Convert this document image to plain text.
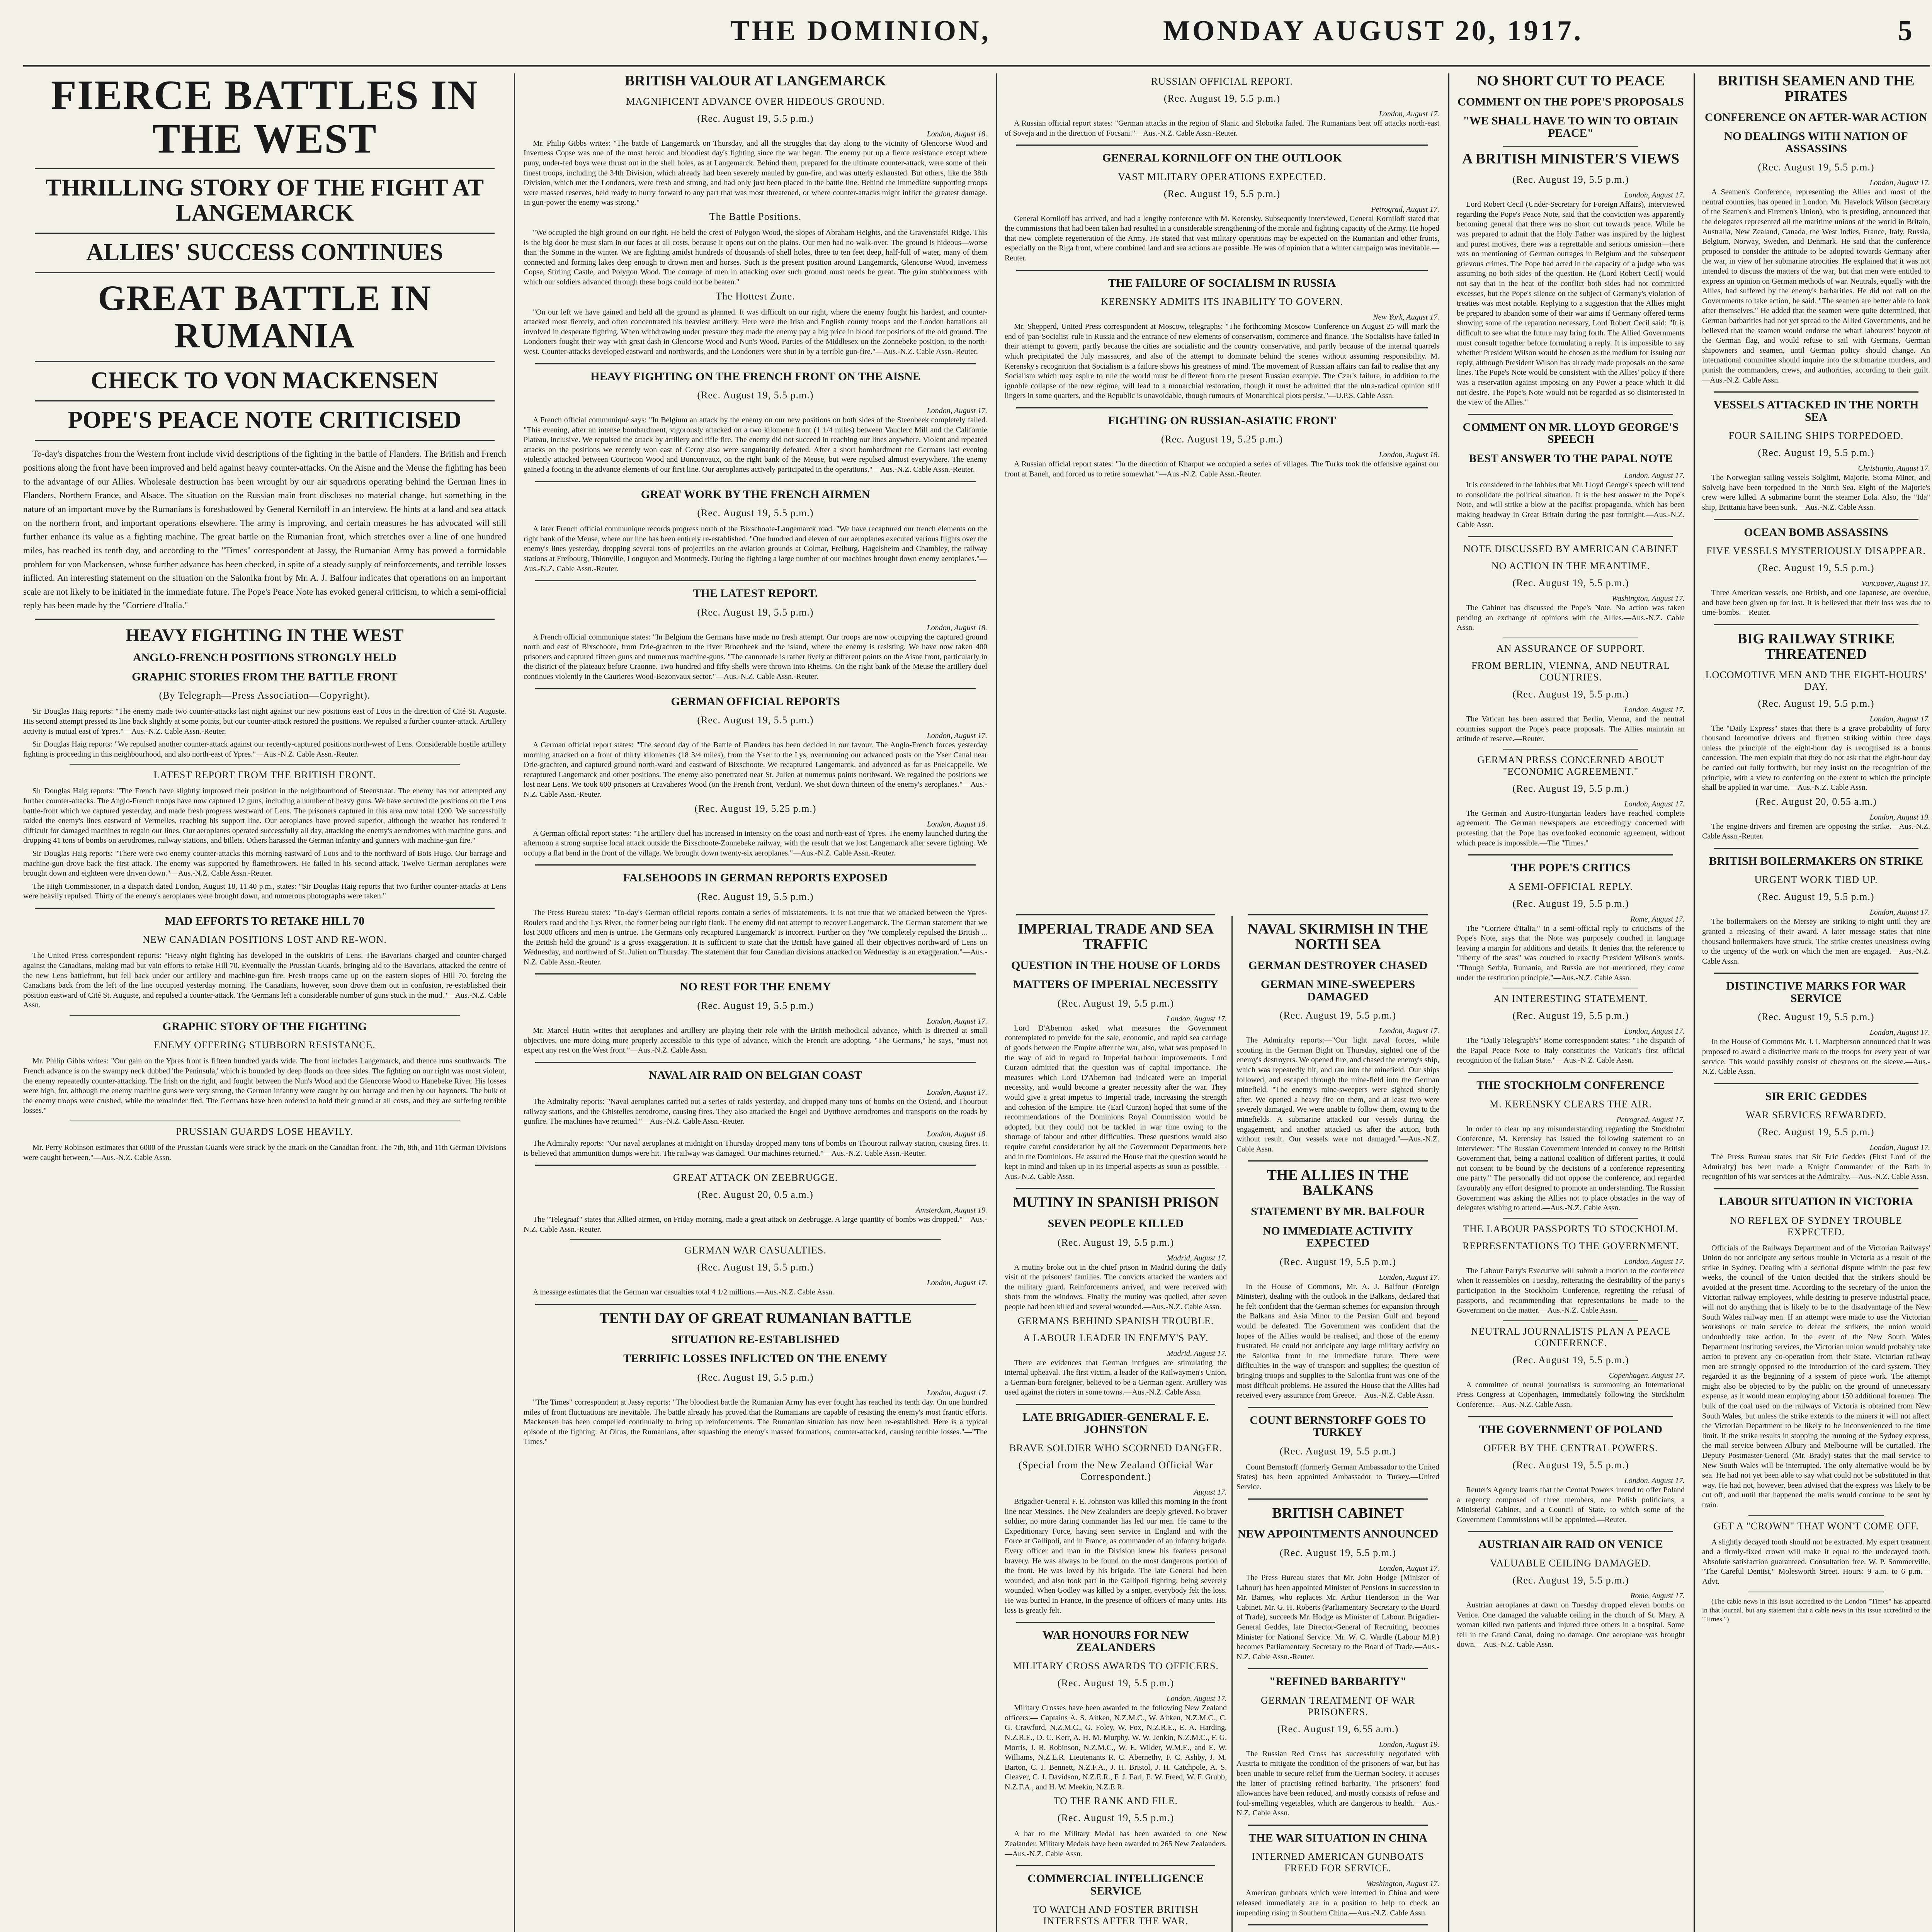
THE DOMINION,	MONDAY AUGUST 20, 1917.	5
FIERCE BATTLES IN THE WEST
THRILLING STORY OF THE FIGHT AT LANGEMARCK
ALLIES' SUCCESS CONTINUES
GREAT BATTLE IN RUMANIA
CHECK TO VON MACKENSEN
POPE'S PEACE NOTE CRITICISED

To-day's dispatches from the Western front include vivid descriptions of the fighting in the battle of Flanders. The British and French positions along the front have been improved and held against heavy counter-attacks. On the Aisne and the Meuse the fighting has been to the advantage of our Allies. Wholesale destruction has been wrought by our air squadrons operating behind the German lines in Flanders, Northern France, and Alsace. The situation on the Russian main front discloses no material change, but something in the nature of an important move by the Rumanians is foreshadowed by General Kerniloff in an interview. He hints at a land and sea attack on the northern front, and important operations elsewhere. The army is improving, and certain measures he has advocated will still further enhance its value as a fighting machine. The great battle on the Rumanian front, which stretches over a line of one hundred miles, has reached its tenth day, and according to the "Times" correspondent at Jassy, the Rumanian Army has proved a formidable problem for von Mackensen, whose further advance has been checked, in spite of a steady supply of reinforcements, and terrible losses inflicted. An interesting statement on the situation on the Salonika front by Mr. A. J. Balfour indicates that operations on an important scale are not likely to be initiated in the immediate future. The Pope's Peace Note has evoked general criticism, to which a semi-official reply has been made by the "Corriere d'Italia."

HEAVY FIGHTING IN THE WEST
ANGLO-FRENCH POSITIONS STRONGLY HELD
GRAPHIC STORIES FROM THE BATTLE FRONT
(By Telegraph—Press Association—Copyright).

Sir Douglas Haig reports: "The enemy made two counter-attacks last night against our new positions east of Loos in the direction of Cité St. Auguste. His second attempt pressed its line back slightly at some points, but our counter-attack restored the positions. We repulsed a further counter-attack. Artillery activity is mutual east of Ypres."—Aus.-N.Z. Cable Assn.-Reuter.

Sir Douglas Haig reports: "We repulsed another counter-attack against our recently-captured positions north-west of Lens. Considerable hostile artillery fighting is proceeding in this neighbourhood, and also north-east of Ypres."—Aus.-N.Z. Cable Assn.-Reuter.

LATEST REPORT FROM THE BRITISH FRONT.

Sir Douglas Haig reports: "The French have slightly improved their position in the neighbourhood of Steenstraat. The enemy has not attempted any further counter-attacks. The Anglo-French troops have now captured 12 guns, including a number of heavy guns. We have secured the positions on the Lens battle-front which we captured yesterday, and made fresh progress westward of Lens. The prisoners captured in this area now total 1200. We successfully raided the enemy's lines eastward of Vermelles, reaching his support line. Our aeroplanes have proved superior, although the weather has rendered it difficult for damaged machines to regain our lines. Our aeroplanes operated successfully all day, attacking the enemy's aerodromes with machine guns, and dropping 41 tons of bombs on aerodromes, railway stations, and billets. Others harassed the German infantry and gunners with machine-gun fire."

Sir Douglas Haig reports: "There were two enemy counter-attacks this morning eastward of Loos and to the northward of Bois Hugo. Our barrage and machine-gun drove back the first attack. The enemy was supported by flamethrowers. He failed in his second attack. Twelve German aeroplanes were brought down and eighteen were driven down."—Aus.-N.Z. Cable Assn.-Reuter.

The High Commissioner, in a dispatch dated London, August 18, 11.40 p.m., states: "Sir Douglas Haig reports that two further counter-attacks at Lens were heavily repulsed. Thirty of the enemy's aeroplanes were brought down, and numerous photographs were taken."

MAD EFFORTS TO RETAKE HILL 70
NEW CANADIAN POSITIONS LOST AND RE-WON.

The United Press correspondent reports: "Heavy night fighting has developed in the outskirts of Lens. The Bavarians charged and counter-charged against the Canadians, making mad but vain efforts to retake Hill 70. Eventually the Prussian Guards, bringing aid to the Bavarians, attacked the centre of the new Lens battlefront, but fell back under our artillery and machine-gun fire. Fresh troops came up on the eastern slopes of Hill 70, forcing the Canadians back from the left of the line occupied yesterday morning. The Canadians, however, soon drove them out in confusion, re-established their position eastward of Cité St. Auguste, and repulsed a counter-attack. The Germans left a considerable number of guns stuck in the mud."—Aus.-N.Z. Cable Assn.

GRAPHIC STORY OF THE FIGHTING
ENEMY OFFERING STUBBORN RESISTANCE.

Mr. Philip Gibbs writes: "Our gain on the Ypres front is fifteen hundred yards wide. The front includes Langemarck, and thence runs southwards. The French advance is on the swampy neck dubbed 'the Peninsula,' which is bounded by deep floods on three sides. The fighting on our right was most violent, the enemy repeatedly counter-attacking. The Irish on the right, and fought between the Nun's Wood and the Glencorse Wood to Hanebeke River. His losses were high, for, although the enemy machine guns were very strong, the German infantry were caught by our barrage and then by our bayonets. The bulk of the enemy troops were crushed, while the remainder fled. The Germans have been ordered to hold their ground at all costs, and they are suffering terrible losses."

PRUSSIAN GUARDS LOSE HEAVILY.

Mr. Perry Robinson estimates that 6000 of the Prussian Guards were struck by the attack on the Canadian front. The 7th, 8th, and 11th German Divisions were caught between."—Aus.-N.Z. Cable Assn.

BRITISH VALOUR AT LANGEMARCK
MAGNIFICENT ADVANCE OVER HIDEOUS GROUND.
(Rec. August 19, 5.5 p.m.)
London, August 18.

Mr. Philip Gibbs writes: "The battle of Langemarck on Thursday, and all the struggles that day along to the vicinity of Glencorse Wood and Inverness Copse was one of the most heroic and bloodiest day's fighting since the war began. The enemy put up a fierce resistance except where puny, under-fed boys were thrust out in the shell holes, as at Langemarck. Behind them, prepared for the ultimate counter-attack, were some of their finest troops, including the 34th Division, which already had been severely mauled by gun-fire, and was utterly exhausted. But others, like the 38th Division, which met the Londoners, were fresh and strong, and had only just been placed in the battle line. Behind the immediate supporting troops were massed reserves, held ready to hurry forward to any part that was most threatened, or where counter-attacks might inflict the greatest damage. In gun-power the enemy was strong."

The Battle Positions.

"We occupied the high ground on our right. He held the crest of Polygon Wood, the slopes of Abraham Heights, and the Gravenstafel Ridge. This is the big door he must slam in our faces at all costs, because it opens out on the plains. Our men had no walk-over. The ground is hideous—worse than the Somme in the winter. We are fighting amidst hundreds of thousands of shell holes, three to ten feet deep, half-full of water, many of them connected and forming lakes deep enough to drown men and horses. Such is the present position around Langemarck, Glencorse Wood, Inverness Copse, Stirling Castle, and Polygon Wood. The courage of men in attacking over such ground must needs be great. The grim stubbornness with which our soldiers advanced through these bogs could not be beaten."

The Hottest Zone.

"On our left we have gained and held all the ground as planned. It was difficult on our right, where the enemy fought his hardest, and counter-attacked most fiercely, and often concentrated his heaviest artillery. Here were the Irish and English county troops and the London battalions all involved in desperate fighting. When withdrawing under pressure they made the enemy pay a big price in blood for positions of the old ground. The Londoners fought their way with great dash in Glencorse Wood and Nun's Wood. Parties of the Middlesex on the Zonnebeke position, to the north-west. Counter-attacks developed eastward and northwards, and the Londoners were shut in by a terrible gun-fire."—Aus.-N.Z. Cable Assn.-Reuter.

HEAVY FIGHTING ON THE FRENCH FRONT ON THE AISNE
(Rec. August 19, 5.5 p.m.)
London, August 17.

A French official communiqué says: "In Belgium an attack by the enemy on our new positions on both sides of the Steenbeek completely failed. "This evening, after an intense bombardment, vigorously attacked on a two kilometre front (1 1/4 miles) between Vauclerc Mill and the Californie Plateau, inclusive. We repulsed the attack by artillery and rifle fire. The enemy did not succeed in reaching our lines anywhere. Violent and repeated attacks on the positions we recently won east of Cerny also were sanguinarily defeated. After a short bombardment the Germans last evening violently attacked between Courtecon Wood and Bonconvaux, on the right bank of the Meuse, but were repulsed almost everywhere. The enemy gained a footing in the advance elements of our first line. Our aeroplanes actively participated in the operations."—Aus.-N.Z. Cable Assn.-Reuter.

GREAT WORK BY THE FRENCH AIRMEN
(Rec. August 19, 5.5 p.m.)

A later French official communique records progress north of the Bixschoote-Langemarck road. "We have recaptured our trench elements on the right bank of the Meuse, where our line has been entirely re-established. "One hundred and eleven of our aeroplanes executed various flights over the enemy's lines yesterday, dropping several tons of projectiles on the aviation grounds at Colmar, Freiburg, Hagelsheim and Chambley, the railway stations at Freibourg, Thionville, Longuyon and Montmedy. During the fighting a large number of our machines brought down enemy aeroplanes."—Aus.-N.Z. Cable Assn.-Reuter.

THE LATEST REPORT.
(Rec. August 19, 5.5 p.m.)
London, August 18.

A French official communique states: "In Belgium the Germans have made no fresh attempt. Our troops are now occupying the captured ground north and east of Bixschoote, from Drie-grachten to the river Broenbeek and the island, where the enemy is resisting. We have now taken 400 prisoners and captured fifteen guns and numerous machine-guns. "The cannonade is rather lively at different points on the Aisne front, particularly in the district of the plateaux before Craonne. Two hundred and fifty shells were thrown into Rheims. On the right bank of the Meuse the artillery duel continues violently in the Caurieres Wood-Bezonvaux sector."—Aus.-N.Z. Cable Assn.-Reuter.

GERMAN OFFICIAL REPORTS
(Rec. August 19, 5.5 p.m.)
London, August 17.

A German official report states: "The second day of the Battle of Flanders has been decided in our favour. The Anglo-French forces yesterday morning attacked on a front of thirty kilometres (18 3/4 miles), from the Yser to the Lys, overrunning our advanced posts on the Yser Canal near Drie-grachten, and captured ground north-ward and eastward of Bixschoote. We recaptured Langemarck, and advanced as far as Poelcappelle. We recaptured Langemarck and other positions. The enemy also penetrated near St. Julien at numerous points northward. We regained the positions we lost near Lens. We took 600 prisoners at Cravaheres Wood (on the French front, Verdun). We shot down thirteen of the enemy's aeroplanes."—Aus.-N.Z. Cable Assn.-Reuter.

(Rec. August 19, 5.25 p.m.)
London, August 18.

A German official report states: "The artillery duel has increased in intensity on the coast and north-east of Ypres. The enemy launched during the afternoon a strong surprise local attack outside the Bixschoote-Zonnebeke railway, with the result that we lost Langemarck after severe fighting. We occupy a flat bend in the front of the village. We brought down twenty-six aeroplanes."—Aus.-N.Z. Cable Assn.-Reuter.

FALSEHOODS IN GERMAN REPORTS EXPOSED
(Rec. August 19, 5.5 p.m.)

The Press Bureau states: "To-day's German official reports contain a series of misstatements. It is not true that we attacked between the Ypres-Roulers road and the Lys River, the former being our right flank. The enemy did not attempt to recover Langemarck. The German statement that we lost 3000 officers and men is untrue. The Germans only recaptured Langemarck' is incorrect. Further on they 'We completely repulsed the British ... the British held the ground' is a gross exaggeration. It is sufficient to state that the British have gained all their objectives northward of Lens on Wednesday, and northward of St. Julien on Thursday. The statement that four Canadian divisions attacked on Wednesday is an exaggeration."—Aus.-N.Z. Cable Assn.-Reuter.

NO REST FOR THE ENEMY
(Rec. August 19, 5.5 p.m.)
London, August 17.

Mr. Marcel Hutin writes that aeroplanes and artillery are playing their role with the British methodical advance, which is directed at small objectives, one more doing more properly accessible to this type of advance, which the French are adopting. "The Germans," he says, "must not expect any rest on the West front."—Aus.-N.Z. Cable Assn.

NAVAL AIR RAID ON BELGIAN COAST
London, August 17.

The Admiralty reports: "Naval aeroplanes carried out a series of raids yesterday, and dropped many tons of bombs on the Ostend, and Thourout railway stations, and the Ghistelles aerodrome, causing fires. They also attacked the Engel and Uytthove aerodromes and transports on the roads by gunfire. The machines have returned."—Aus.-N.Z. Cable Assn.-Reuter.

London, August 18.

The Admiralty reports: "Our naval aeroplanes at midnight on Thursday dropped many tons of bombs on Thourout railway station, causing fires. It is believed that ammunition dumps were hit. The railway was damaged. Our machines returned."—Aus.-N.Z. Cable Assn.-Reuter.

GREAT ATTACK ON ZEEBRUGGE.
(Rec. August 20, 0.5 a.m.)
Amsterdam, August 19.

The "Telegraaf" states that Allied airmen, on Friday morning, made a great attack on Zeebrugge. A large quantity of bombs was dropped."—Aus.-N.Z. Cable Assn.-Reuter.

GERMAN WAR CASUALTIES.
(Rec. August 19, 5.5 p.m.)
London, August 17.

A message estimates that the German war casualties total 4 1/2 millions.—Aus.-N.Z. Cable Assn.

TENTH DAY OF GREAT RUMANIAN BATTLE
SITUATION RE-ESTABLISHED
TERRIFIC LOSSES INFLICTED ON THE ENEMY
(Rec. August 19, 5.5 p.m.)
London, August 17.

"The Times" correspondent at Jassy reports: "The bloodiest battle the Rumanian Army has ever fought has reached its tenth day. On one hundred miles of front fluctuations are inevitable. The battle already has proved that the Rumanians are capable of resisting the enemy's most frantic efforts. Mackensen has been compelled continually to bring up reinforcements. The Rumanian situation has now been re-established. Here is a typical episode of the fighting: At Oitus, the Rumanians, after squashing the enemy's massed formations, counter-attacked, causing terrible losses."—"The Times."

RUSSIAN OFFICIAL REPORT.
(Rec. August 19, 5.5 p.m.)
London, August 17.

A Russian official report states: "German attacks in the region of Slanic and Slobotka failed. The Rumanians beat off attacks north-east of Soveja and in the direction of Focsani."—Aus.-N.Z. Cable Assn.-Reuter.

GENERAL KORNILOFF ON THE OUTLOOK
VAST MILITARY OPERATIONS EXPECTED.
(Rec. August 19, 5.5 p.m.)
Petrograd, August 17.

General Korniloff has arrived, and had a lengthy conference with M. Kerensky. Subsequently interviewed, General Korniloff stated that the commissions that had been taken had resulted in a considerable strengthening of the morale and fighting capacity of the Army. He hoped that new complete regeneration of the Army. He stated that vast military operations may be expected on the Rumanian and other fronts, especially on the Riga front, where combined land and sea actions are possible. He was of opinion that a winter campaign was inevitable.—Reuter.

THE FAILURE OF SOCIALISM IN RUSSIA
KERENSKY ADMITS ITS INABILITY TO GOVERN.
New York, August 17.

Mr. Shepperd, United Press correspondent at Moscow, telegraphs: "The forthcoming Moscow Conference on August 25 will mark the end of 'pan-Socialist' rule in Russia and the entrance of new elements of conservatism, commerce and finance. The Socialists have failed in their attempt to govern, partly because the cities are socialistic and the country conservative, and partly because of the internal quarrels which precipitated the July massacres, and also of the attempt to dominate behind the scenes without assuming responsibility. M. Kerensky's recognition that Socialism is a failure shows his greatness of mind. The movement of Russian affairs can fail to realise that any Socialism which may aspire to rule the world must be different from the present Russian example. The Czar's failure, in addition to the ignoble collapse of the new régime, will lead to a monarchial restoration, though it must be admitted that the ultra-radical opinion still lingers in some quarters, and the Republic is unavoidable, though rumours of Monarchical plots persist."—U.P.S. Cable Assn.

FIGHTING ON RUSSIAN-ASIATIC FRONT
(Rec. August 19, 5.25 p.m.)
London, August 18.

A Russian official report states: "In the direction of Kharput we occupied a series of villages. The Turks took the offensive against our front at Baneh, and forced us to retire somewhat."—Aus.-N.Z. Cable Assn.-Reuter.

IMPERIAL TRADE AND SEA TRAFFIC
QUESTION IN THE HOUSE OF LORDS
MATTERS OF IMPERIAL NECESSITY
(Rec. August 19, 5.5 p.m.)
London, August 17.

Lord D'Abernon asked what measures the Government contemplated to provide for the sale, economic, and rapid sea carriage of goods between the Empire after the war, also, what was proposed in the way of aid in regard to Imperial harbour improvements. Lord Curzon admitted that the question was of capital importance. The measures which Lord D'Abernon had indicated were an Imperial necessity, and would become a greater necessity after the war. They would give a great impetus to Imperial trade, increasing the strength and cohesion of the Empire. He (Earl Curzon) hoped that some of the recommendations of the Dominions Royal Commission would be adopted, but they could not be tackled in war time owing to the shortage of labour and other difficulties. These questions would also require careful consideration by all the Government Departments here and in the Dominions. He assured the House that the question would be kept in mind and taken up in its Imperial aspects as soon as possible.—Aus.-N.Z. Cable Assn.

MUTINY IN SPANISH PRISON
SEVEN PEOPLE KILLED
(Rec. August 19, 5.5 p.m.)
Madrid, August 17.

A mutiny broke out in the chief prison in Madrid during the daily visit of the prisoners' families. The convicts attacked the warders and the military guard. Reinforcements arrived, and were received with shots from the windows. Finally the mutiny was quelled, after seven people had been killed and several wounded.—Aus.-N.Z. Cable Assn.

GERMANS BEHIND SPANISH TROUBLE.
A LABOUR LEADER IN ENEMY'S PAY.
Madrid, August 17.

There are evidences that German intrigues are stimulating the internal upheaval. The first victim, a leader of the Railwaymen's Union, a German-born foreigner, believed to be a German agent. Artillery was used against the rioters in some towns.—Aus.-N.Z. Cable Assn.

LATE BRIGADIER-GENERAL F. E. JOHNSTON
BRAVE SOLDIER WHO SCORNED DANGER.
(Special from the New Zealand Official War Correspondent.)
August 17.

Brigadier-General F. E. Johnston was killed this morning in the front line near Messines. The New Zealanders are deeply grieved. No braver soldier, no more daring commander has led our men. He came to the Expeditionary Force, having seen service in England and with the Force at Gallipoli, and in France, as commander of an infantry brigade. Every officer and man in the Division knew his fearless personal bravery. He was always to be found on the most dangerous portion of the front. He was loved by his brigade. The late General had been wounded, and also took part in the Gallipoli fighting, being severely wounded. When Godley was killed by a sniper, everybody felt the loss. He was buried in France, in the presence of officers of many units. His loss is greatly felt.

WAR HONOURS FOR NEW ZEALANDERS
MILITARY CROSS AWARDS TO OFFICERS.
(Rec. August 19, 5.5 p.m.)
London, August 17.

Military Crosses have been awarded to the following New Zealand officers:— Captains A. S. Aitken, N.Z.M.C., W. Aitken, N.Z.M.C., C. G. Crawford, N.Z.M.C., G. Foley, W. Fox, N.Z.R.E., E. A. Harding, N.Z.R.E., D. C. Kerr, A. H. M. Murphy, W. W. Jenkin, N.Z.M.C., F. G. Morris, J. R. Robinson, N.Z.M.C., W. E. Wilder, W.M.E., and E. W. Williams, N.Z.E.R. Lieutenants R. C. Abernethy, F. C. Ashby, J. M. Barton, C. J. Bennett, N.Z.F.A., J. H. Bristol, J. H. Catchpole, A. S. Cleaver, C. J. Davidson, N.Z.E.R., F. J. Earl, E. W. Freed, W. F. Grubb, N.Z.F.A., and H. W. Meekin, N.Z.E.R.

TO THE RANK AND FILE.
(Rec. August 19, 5.5 p.m.)

A bar to the Military Medal has been awarded to one New Zealander. Military Medals have been awarded to 265 New Zealanders.—Aus.-N.Z. Cable Assn.

COMMERCIAL INTELLIGENCE SERVICE
TO WATCH AND FOSTER BRITISH INTERESTS AFTER THE WAR.

NAVAL SKIRMISH IN THE NORTH SEA
GERMAN DESTROYER CHASED
GERMAN MINE-SWEEPERS DAMAGED
(Rec. August 19, 5.5 p.m.)
London, August 17.

The Admiralty reports:—"Our light naval forces, while scouting in the German Bight on Thursday, sighted one of the enemy's destroyers. We opened fire, and chased the enemy's ship, which was repeatedly hit, and ran into the minefield. Our ships followed, and escaped through the mine-field into the German minefield. "The enemy's mine-sweepers were sighted shortly after. We opened a heavy fire on them, and at least two were severely damaged. We were unable to follow them, owing to the minefields. A submarine attacked our vessels during the engagement, and another attacked us after the action, both without result. Our vessels were not damaged."—Aus.-N.Z. Cable Assn.

THE ALLIES IN THE BALKANS
STATEMENT BY MR. BALFOUR
NO IMMEDIATE ACTIVITY EXPECTED
(Rec. August 19, 5.5 p.m.)
London, August 17.

In the House of Commons, Mr. A. J. Balfour (Foreign Minister), dealing with the outlook in the Balkans, declared that he felt confident that the German schemes for expansion through the Balkans and Asia Minor to the Persian Gulf and beyond would be defeated. The Government was confident that the hopes of the Allies would be realised, and those of the enemy frustrated. He could not anticipate any large military activity on the Salonika front in the immediate future. There were difficulties in the way of transport and supplies; the question of bringing troops and supplies to the Salonika front was one of the most difficult problems. He assured the House that the Allies had received every assurance from Greece.—Aus.-N.Z. Cable Assn.

COUNT BERNSTORFF GOES TO TURKEY
(Rec. August 19, 5.5 p.m.)

Count Bernstorff (formerly German Ambassador to the United States) has been appointed Ambassador to Turkey.—United Service.

BRITISH CABINET
NEW APPOINTMENTS ANNOUNCED
(Rec. August 19, 5.5 p.m.)
London, August 17.

The Press Bureau states that Mr. John Hodge (Minister of Labour) has been appointed Minister of Pensions in succession to Mr. Barnes, who replaces Mr. Arthur Henderson in the War Cabinet. Mr. G. H. Roberts (Parliamentary Secretary to the Board of Trade), succeeds Mr. Hodge as Minister of Labour. Brigadier-General Geddes, late Director-General of Recruiting, becomes Minister for National Service. Mr. W. C. Wardle (Labour M.P.) becomes Parliamentary Secretary to the Board of Trade.—Aus.-N.Z. Cable Assn.-Reuter.

"REFINED BARBARITY"
GERMAN TREATMENT OF WAR PRISONERS.
(Rec. August 19, 6.55 a.m.)
London, August 19.

The Russian Red Cross has successfully negotiated with Austria to mitigate the condition of the prisoners of war, but has been unable to secure relief from the German Society. It accuses the latter of practising refined barbarity. The prisoners' food allowances have been reduced, and mostly consists of refuse and foul-smelling vegetables, which are dangerous to health.—Aus.-N.Z. Cable Assn.

THE WAR SITUATION IN CHINA
INTERNED AMERICAN GUNBOATS FREED FOR SERVICE.
Washington, August 17.

American gunboats which were interned in China and were released immediately are in a position to help to check an impending rising in Southern China.—Aus.-N.Z. Cable Assn.

NO SHORT CUT TO PEACE
COMMENT ON THE POPE'S PROPOSALS
"WE SHALL HAVE TO WIN TO OBTAIN PEACE"
A BRITISH MINISTER'S VIEWS
(Rec. August 19, 5.5 p.m.)
London, August 17.

Lord Robert Cecil (Under-Secretary for Foreign Affairs), interviewed regarding the Pope's Peace Note, said that the conviction was apparently becoming general that there was no short cut towards peace. While he was prepared to admit that the Holy Father was inspired by the highest and purest motives, there was a regrettable and serious omission—there was no mentioning of German outrages in Belgium and the subsequent grievous crimes. The Pope had acted in the capacity of a judge who was assuming no both sides of the question. He (Lord Robert Cecil) would not say that in the heat of the conflict both sides had not committed excesses, but the Pope's silence on the subject of Germany's violation of treaties was most notable. Replying to a suggestion that the Allies might be prepared to abandon some of their war aims if Germany offered terms showing some of the reparation necessary, Lord Robert Cecil said: "It is difficult to see what the future may bring forth. The Allied Governments must consult together before formulating a reply. It is impossible to say whether President Wilson would be chosen as the medium for issuing our reply, although President Wilson has already made proposals on the same lines. The Pope's Note would be consistent with the Allies' policy if there was a reservation against imposing on any Power a peace which it did not desire. The Pope's Note would not be regarded as so disinterested in the view of the Allies."

COMMENT ON MR. LLOYD GEORGE'S SPEECH
BEST ANSWER TO THE PAPAL NOTE
London, August 17.

It is considered in the lobbies that Mr. Lloyd George's speech will tend to consolidate the political situation. It is the best answer to the Pope's Note, and will strike a blow at the pacifist propaganda, which has been making headway in Great Britain during the past fortnight.—Aus.-N.Z. Cable Assn.

NOTE DISCUSSED BY AMERICAN CABINET
NO ACTION IN THE MEANTIME.
(Rec. August 19, 5.5 p.m.)
Washington, August 17.

The Cabinet has discussed the Pope's Note. No action was taken pending an exchange of opinions with the Allies.—Aus.-N.Z. Cable Assn.

AN ASSURANCE OF SUPPORT.
FROM BERLIN, VIENNA, AND NEUTRAL COUNTRIES.
(Rec. August 19, 5.5 p.m.)
London, August 17.

The Vatican has been assured that Berlin, Vienna, and the neutral countries support the Pope's peace proposals. The Allies maintain an attitude of reserve.—Reuter.

GERMAN PRESS CONCERNED ABOUT "ECONOMIC AGREEMENT."
(Rec. August 19, 5.5 p.m.)
London, August 17.

The German and Austro-Hungarian leaders have reached complete agreement. The German newspapers are exceedingly concerned with protesting that the Pope has overlooked economic agreement, without which peace is impossible.—The "Times."

THE POPE'S CRITICS
A SEMI-OFFICIAL REPLY.
(Rec. August 19, 5.5 p.m.)
Rome, August 17.

The "Corriere d'Italia," in a semi-official reply to criticisms of the Pope's Note, says that the Note was purposely couched in language leaving a margin for additions and details. It denies that the reference to "liberty of the seas" was couched in exactly President Wilson's words. "Though Serbia, Rumania, and Russia are not mentioned, they come under the restitution principle."—Aus.-N.Z. Cable Assn.

AN INTERESTING STATEMENT.
(Rec. August 19, 5.5 p.m.)
London, August 17.

The "Daily Telegraph's" Rome correspondent states: "The dispatch of the Papal Peace Note to Italy constitutes the Vatican's first official recognition of the Italian State."—Aus.-N.Z. Cable Assn.

THE STOCKHOLM CONFERENCE
M. KERENSKY CLEARS THE AIR.
Petrograd, August 17.

In order to clear up any misunderstanding regarding the Stockholm Conference, M. Kerensky has issued the following statement to an interviewer: "The Russian Government intended to convey to the British Government that, being a national coalition of different parties, it could not consent to be bound by the decisions of a conference representing one party." The personally did not oppose the conference, and regarded favourably any effort designed to promote an understanding. The Russian Government was asking the Allies not to place obstacles in the way of delegates wishing to attend.—Aus.-N.Z. Cable Assn.

THE LABOUR PASSPORTS TO STOCKHOLM.
REPRESENTATIONS TO THE GOVERNMENT.
London, August 17.

The Labour Party's Executive will submit a motion to the conference when it reassembles on Tuesday, reiterating the desirability of the party's participation in the Stockholm Conference, regretting the refusal of passports, and recommending that representations be made to the Government on the matter.—Aus.-N.Z. Cable Assn.

NEUTRAL JOURNALISTS PLAN A PEACE CONFERENCE.
(Rec. August 19, 5.5 p.m.)
Copenhagen, August 17.

A committee of neutral journalists is summoning an International Press Congress at Copenhagen, immediately following the Stockholm Conference.—Aus.-N.Z. Cable Assn.

THE GOVERNMENT OF POLAND
OFFER BY THE CENTRAL POWERS.
(Rec. August 19, 5.5 p.m.)
London, August 17.

Reuter's Agency learns that the Central Powers intend to offer Poland a regency composed of three members, one Polish politicians, a Ministerial Cabinet, and a Council of State, to which some of the Government Commissions will be appointed.—Reuter.

AUSTRIAN AIR RAID ON VENICE
VALUABLE CEILING DAMAGED.
(Rec. August 19, 5.5 p.m.)
Rome, August 17.

Austrian aeroplanes at dawn on Tuesday dropped eleven bombs on Venice. One damaged the valuable ceiling in the church of St. Mary. A woman killed two patients and injured three others in a hospital. Some fell in the Grand Canal, doing no damage. One aeroplane was brought down.—Aus.-N.Z. Cable Assn.

BRITISH SEAMEN AND THE PIRATES
CONFERENCE ON AFTER-WAR ACTION
NO DEALINGS WITH NATION OF ASSASSINS
(Rec. August 19, 5.5 p.m.)
London, August 17.

A Seamen's Conference, representing the Allies and most of the neutral countries, has opened in London. Mr. Havelock Wilson (secretary of the Seamen's and Firemen's Union), who is presiding, announced that the delegates represented all the maritime unions of the world in Britain, Australia, New Zealand, Canada, the West Indies, France, Italy, Russia, Belgium, Norway, Sweden, and Denmark. He said that the conference proposed to consider the attitude to be adopted towards Germany after the war, in view of her submarine atrocities. He explained that it was not intended to discuss the matters of the war, but that men were entitled to express an opinion on German methods of war. Neutrals, equally with the Allies, had suffered by the enemy's barbarities. He did not call on the Governments to take action, he said. "The seamen are better able to look after themselves." He added that the seamen were quite determined, that German barbarities had not yet spread to the Allied Governments, and he believed that the seamen would endorse the wharf labourers' boycott of the German flag, and would refuse to sail with Germans, German shipowners and seamen, until German policy should change. An international committee should inquire into the submarine murders, and punish the commanders, crews, and authorities, according to their guilt.—Aus.-N.Z. Cable Assn.

VESSELS ATTACKED IN THE NORTH SEA
FOUR SAILING SHIPS TORPEDOED.
(Rec. August 19, 5.5 p.m.)
Christiania, August 17.

The Norwegian sailing vessels Solglimt, Majorie, Stoma Miner, and Solveig have been torpedoed in the North Sea. Eight of the Majorie's crew were killed. A submarine burnt the steamer Eola. Also, the "Ida" ship, Brittania have been sunk.—Aus.-N.Z. Cable Assn.

OCEAN BOMB ASSASSINS
FIVE VESSELS MYSTERIOUSLY DISAPPEAR.
(Rec. August 19, 5.5 p.m.)
Vancouver, August 17.

Three American vessels, one British, and one Japanese, are overdue, and have been given up for lost. It is believed that their loss was due to time-bombs.—Reuter.

BIG RAILWAY STRIKE THREATENED
LOCOMOTIVE MEN AND THE EIGHT-HOURS' DAY.
(Rec. August 19, 5.5 p.m.)
London, August 17.

The "Daily Express" states that there is a grave probability of forty thousand locomotive drivers and firemen striking within three days unless the principle of the eight-hour day is recognised as a bonus concession. The men explain that they do not ask that the eight-hour day be carried out fully forthwith, but they insist on the recognition of the principle, with a view to conferring on the extent to which the principle shall be applied in war time.—Aus.-N.Z. Cable Assn.

(Rec. August 20, 0.55 a.m.)
London, August 19.

The engine-drivers and firemen are opposing the strike.—Aus.-N.Z. Cable Assn.-Reuter.

BRITISH BOILERMAKERS ON STRIKE
URGENT WORK TIED UP.
(Rec. August 19, 5.5 p.m.)
London, August 17.

The boilermakers on the Mersey are striking to-night until they are granted a releasing of their award. A later message states that nine thousand boilermakers have struck. The strike creates uneasiness owing to the urgency of the work on which the men are engaged.—Aus.-N.Z. Cable Assn.

DISTINCTIVE MARKS FOR WAR SERVICE
(Rec. August 19, 5.5 p.m.)
London, August 17.

In the House of Commons Mr. J. I. Macpherson announced that it was proposed to award a distinctive mark to the troops for every year of war service. This would possibly consist of chevrons on the sleeve.—Aus.-N.Z. Cable Assn.

SIR ERIC GEDDES
WAR SERVICES REWARDED.
(Rec. August 19, 5.5 p.m.)
London, August 17.

The Press Bureau states that Sir Eric Geddes (First Lord of the Admiralty) has been made a Knight Commander of the Bath in recognition of his war services at the Admiralty.—Aus.-N.Z. Cable Assn.

LABOUR SITUATION IN VICTORIA
NO REFLEX OF SYDNEY TROUBLE EXPECTED.

Officials of the Railways Department and of the Victorian Railways' Union do not anticipate any serious trouble in Victoria as a result of the strike in Sydney. Dealing with a sectional dispute within the past few weeks, the council of the Union decided that the strikers should be avoided at the present time. According to the secretary of the union the Victorian railway employees, while desiring to preserve industrial peace, will not do anything that is likely to be to the disadvantage of the New South Wales railway men. If an attempt were made to use the Victorian workshops or train service to defeat the strikers, the union would undoubtedly take action. In the event of the New South Wales Department instituting services, the Victorian union would probably take action to prevent any co-operation from their State. Victorian railway men are strongly opposed to the introduction of the card system. They regarded it as the beginning of a system of piece work. The attempt might also be objected to by the public on the ground of unnecessary expense, as it would mean employing about 150 additional foremen. The bulk of the coal used on the railways of Victoria is obtained from New South Wales, but unless the strike extends to the miners it will not affect the Victorian Department to be likely to be inconvenienced to the time limit. If the strike results in stopping the running of the Sydney express, the mail service between Albury and Melbourne will be curtailed. The Deputy Postmaster-General (Mr. Brady) states that the mail service to New South Wales will be interrupted. The only alternative would be by sea. He had not yet been able to say what could not be substituted in that way. He had not, however, been advised that the express was likely to be cut off, and until that happened the mails would continue to be sent by train.

GET A "CROWN" THAT WON'T COME OFF.

A slightly decayed tooth should not be extracted. My expert treatment and a firmly-fixed crown will make it equal to the undecayed tooth. Absolute satisfaction guaranteed. Consultation free. W. P. Sommerville, "The Careful Dentist," Molesworth Street. Hours: 9 a.m. to 6 p.m.—Advt.

(The cable news in this issue accredited to the London "Times" has appeared in that journal, but any statement that a cable news in this issue accredited to the "Times.")
